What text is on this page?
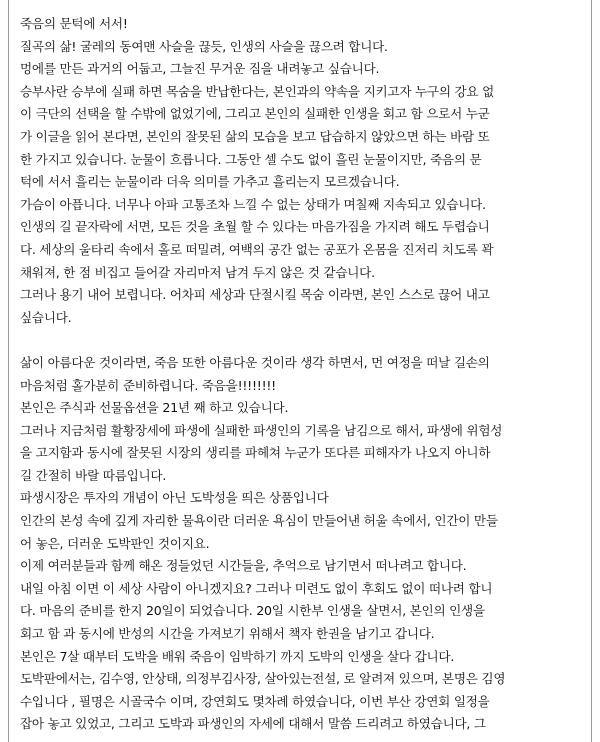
죽음의 문턱에 서서!
질곡의 삶! 굴레의 동여맨 사슬을 끊듯, 인생의 사슬을 끊으려 합니다.
멍에를 만든 과거의 어둡고, 그늘진 무거운 짐을 내려놓고 싶습니다.
승부사란 승부에 실패 하면 목숨을 반납한다는, 본인과의 약속을 지키고자 누구의 강요 없
이 극단의 선택을 할 수밖에 없었기에, 그리고 본인의 실패한 인생을 회고 함 으로서 누군
가 이글을 읽어 본다면, 본인의 잘못된 삶의 모습을 보고 답습하지 않았으면 하는 바람 또
한 가지고 있습니다. 눈물이 흐릅니다. 그동안 셀 수도 없이 흘린 눈물이지만, 죽음의 문
턱에 서서 흘리는 눈물이라 더욱 의미를 가추고 흘리는지 모르겠습니다.
가슴이 아픕니다. 너무나 아파 고통조차 느낄 수 없는 상태가 며칠째 지속되고 있습니다.
인생의 길 끝자락에 서면, 모든 것을 초월 할 수 있다는 마음가짐을 가지려 해도 두렵습니
다. 세상의 울타리 속에서 홀로 떠밀려, 여백의 공간 없는 공포가 온몸을 진저리 치도록 꽉
채워져, 한 점 비집고 들어갈 자리마저 남겨 두지 않은 것 같습니다.
그러나 용기 내어 보렵니다. 어차피 세상과 단절시킬 목숨 이라면, 본인 스스로 끊어 내고
싶습니다.
삶이 아름다운 것이라면, 죽음 또한 아름다운 것이라 생각 하면서, 먼 여정을 떠날 길손의
마음처럼 홀가분히 준비하렵니다. 죽음을!!!!!!!!
본인은 주식과 선물옵션을 21년 째 하고 있습니다.
그러나 지금처럼 활황장세에 파생에 실패한 파생인의 기록을 남김으로 해서, 파생에 위험성
을 고지함과 동시에 잘못된 시장의 생리를 파헤쳐 누군가 또다른 피해자가 나오지 아니하
길 간절히 바랄 따름입니다.
파생시장은 투자의 개념이 아닌 도박성을 띄은 상품입니다
인간의 본성 속에 깊게 자리한 물욕이란 더러운 욕심이 만들어낸 허울 속에서, 인간이 만들
어 놓은, 더러운 도박판인 것이지요.
이제 여러분들과 함께 해온 정들었던 시간들을, 추억으로 남기면서 떠나려고 합니다.
내일 아침 이면 이 세상 사람이 아니겠지요? 그러나 미련도 없이 후회도 없이 떠나려 합니
다. 마음의 준비를 한지 20일이 되었습니다. 20일 시한부 인생을 살면서, 본인의 인생을
회고 함 과 동시에 반성의 시간을 가져보기 위해서 책자 한권을 남기고 갑니다.
본인은 7살 때부터 도박을 배워 죽음이 임박하기 까지 도박의 인생을 살다 갑니다.
도박판에서는, 김수영, 안상태, 의정부김사장, 살아있는전설, 로 알려져 있으며, 본명은 김영
수입니다 , 필명은 시골국수 이며, 강연회도 몇차례 하였습니다, 이번 부산 강연회 일정을
잡아 놓고 있었고, 그리고 도박과 파생인의 자세에 대해서 말씀 드리려고 하였습니다, 그
